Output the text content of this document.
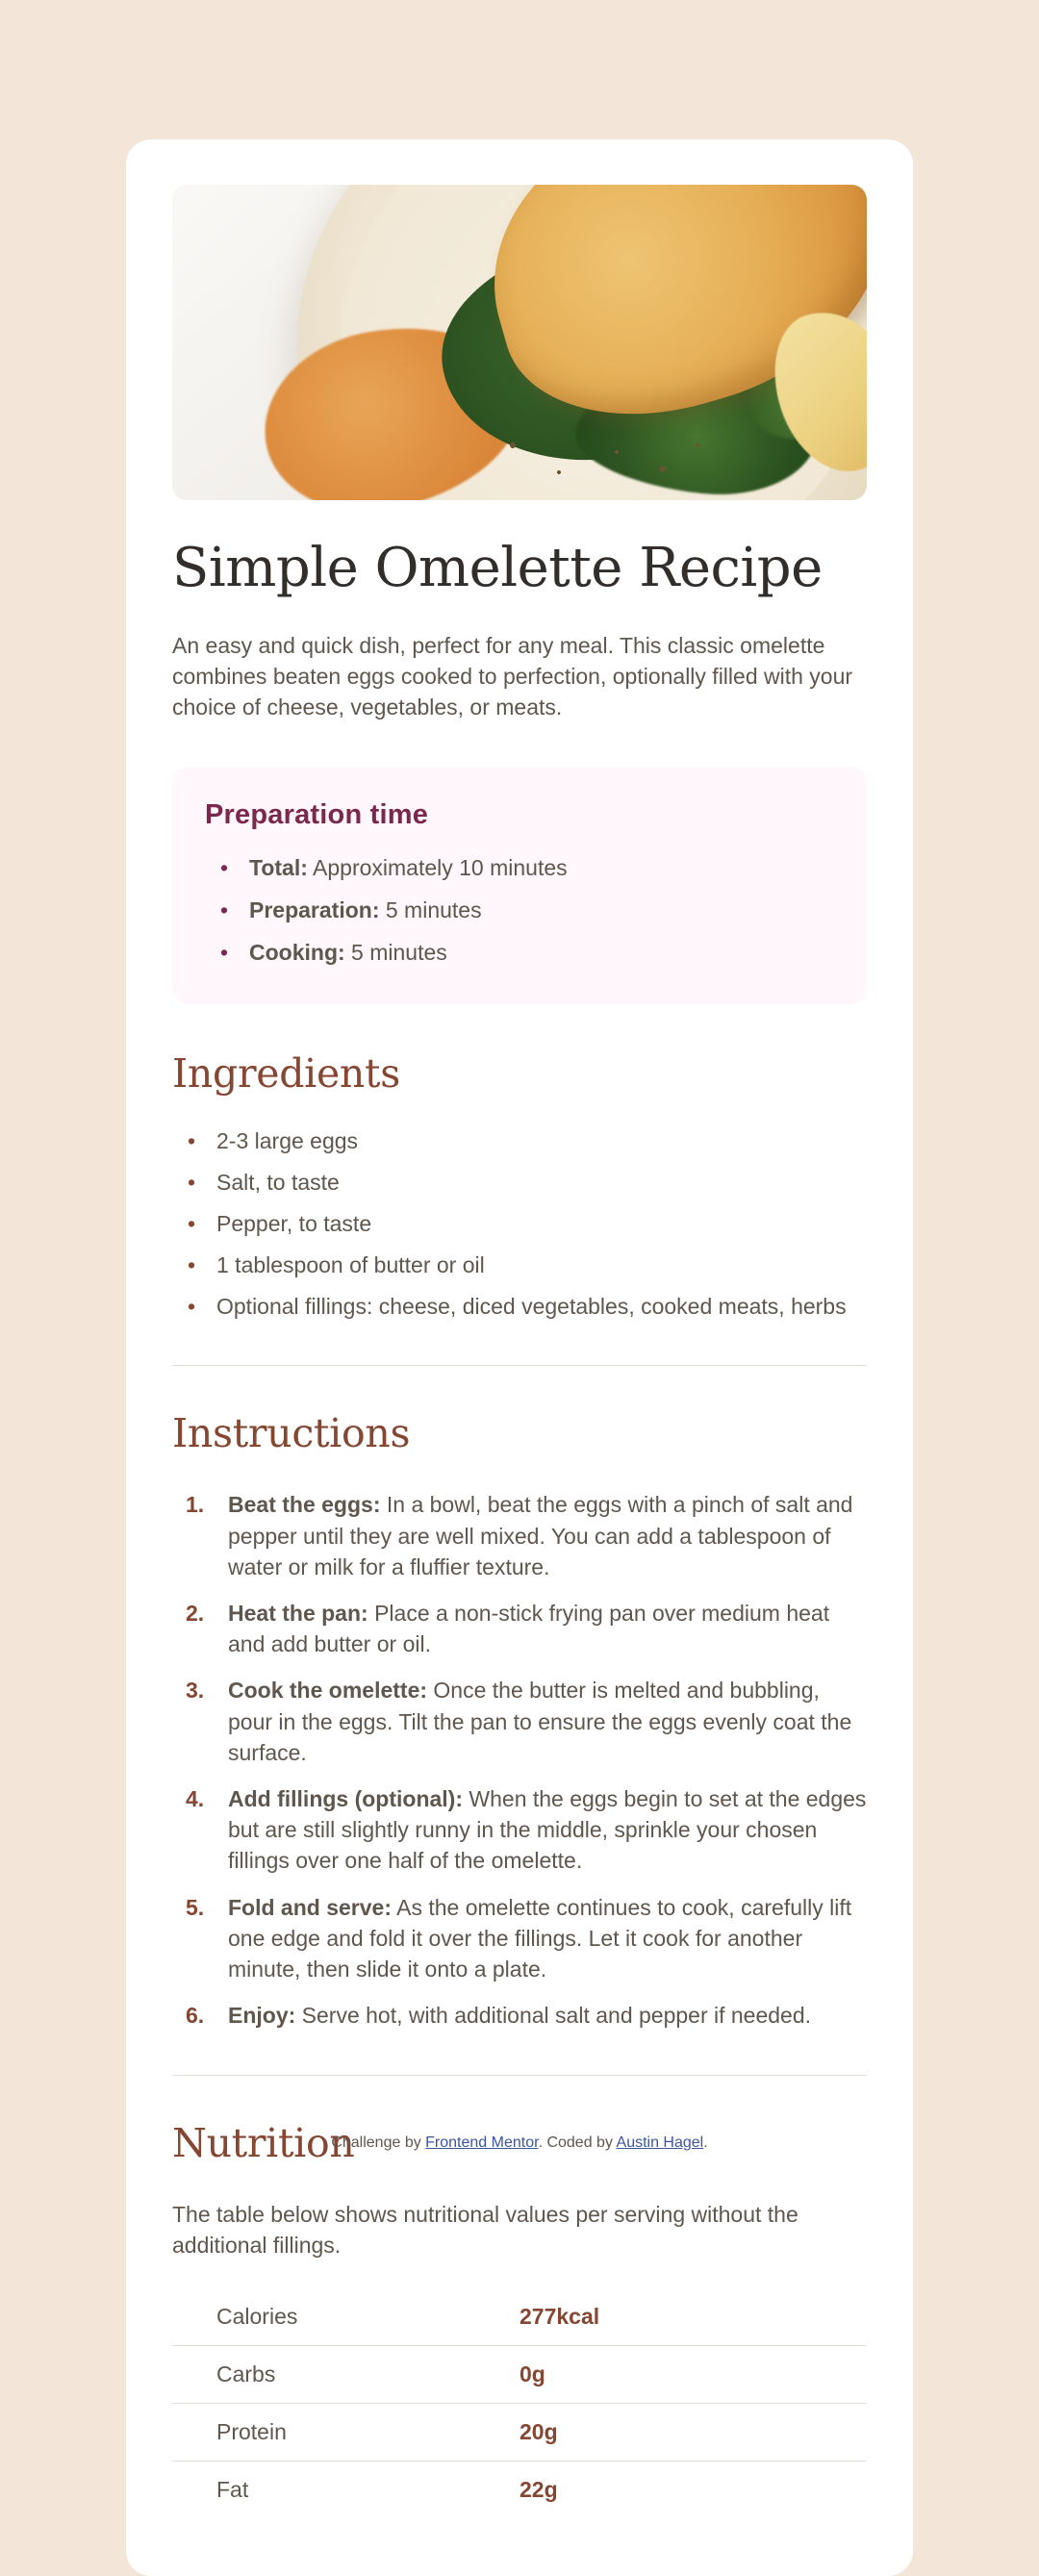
Simple Omelette Recipe

An easy and quick dish, perfect for any meal. This classic omelette combines beaten eggs cooked to perfection, optionally filled with your choice of cheese, vegetables, or meats.

Preparation time
• Total: Approximately 10 minutes
• Preparation: 5 minutes
• Cooking: 5 minutes
Ingredients
• 2-3 large eggs
• Salt, to taste
• Pepper, to taste
• 1 tablespoon of butter or oil
• Optional fillings: cheese, diced vegetables, cooked meats, herbs
Instructions
1. Beat the eggs: In a bowl, beat the eggs with a pinch of salt and pepper until they are well mixed. You can add a tablespoon of water or milk for a fluffier texture.
2. Heat the pan: Place a non-stick frying pan over medium heat and add butter or oil.
3. Cook the omelette: Once the butter is melted and bubbling, pour in the eggs. Tilt the pan to ensure the eggs evenly coat the surface.
4. Add fillings (optional): When the eggs begin to set at the edges but are still slightly runny in the middle, sprinkle your chosen fillings over one half of the omelette.
5. Fold and serve: As the omelette continues to cook, carefully lift one edge and fold it over the fillings. Let it cook for another minute, then slide it onto a plate.
6. Enjoy: Serve hot, with additional salt and pepper if needed.
Nutrition

The table below shows nutritional values per serving without the additional fillings.

Calories	277kcal
Carbs	0g
Protein	20g
Fat	22g
Challenge by Frontend Mentor. Coded by Austin Hagel.
